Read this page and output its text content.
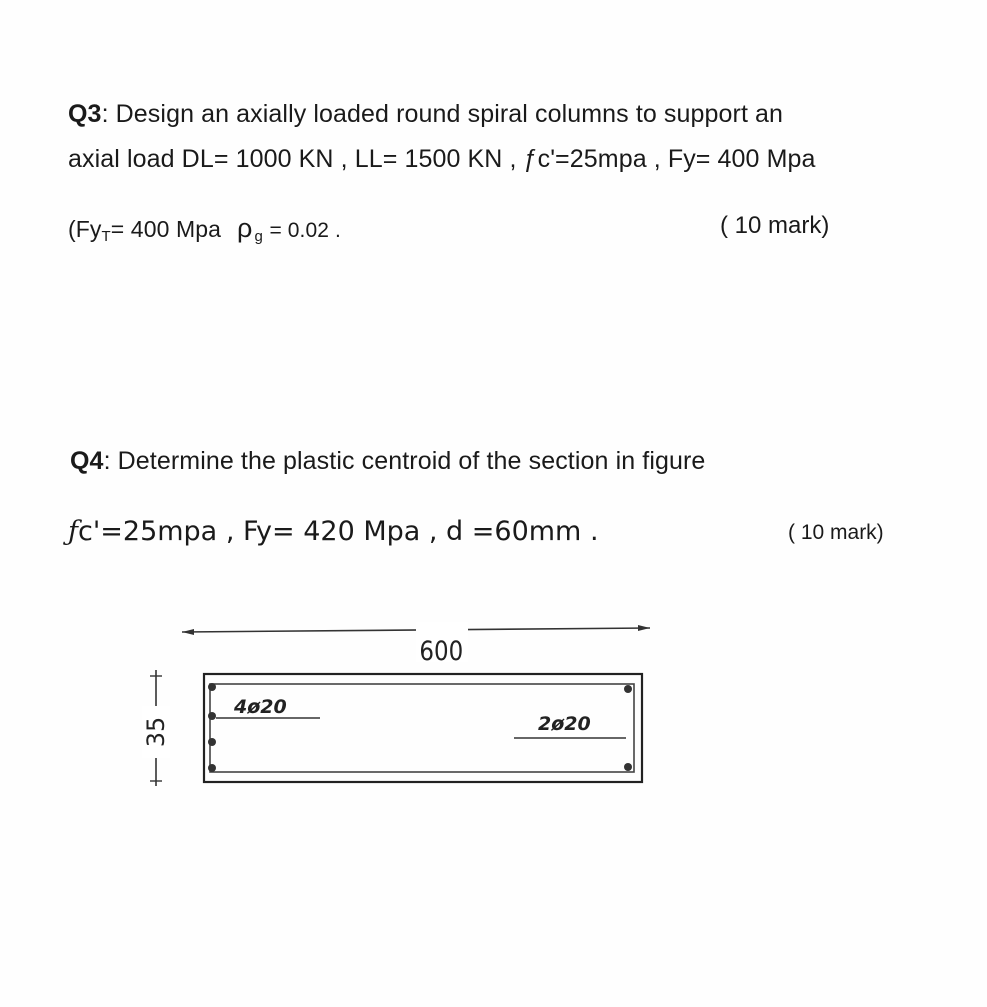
Q3: Design an axially loaded round spiral columns to support an
axial load DL= 1000 KN , LL= 1500 KN , ƒc'=25mpa , Fy= 400 Mpa
($Fy_T= 400$ Mpa ρ $_g$ = 0.02 .	( 10 mark)
Q4: Determine the plastic centroid of the section in figure
ƒc'=25mpa , Fy= 420 Mpa , d =60mm .	( 10 mark)
600
4ø20
2ø20
35
